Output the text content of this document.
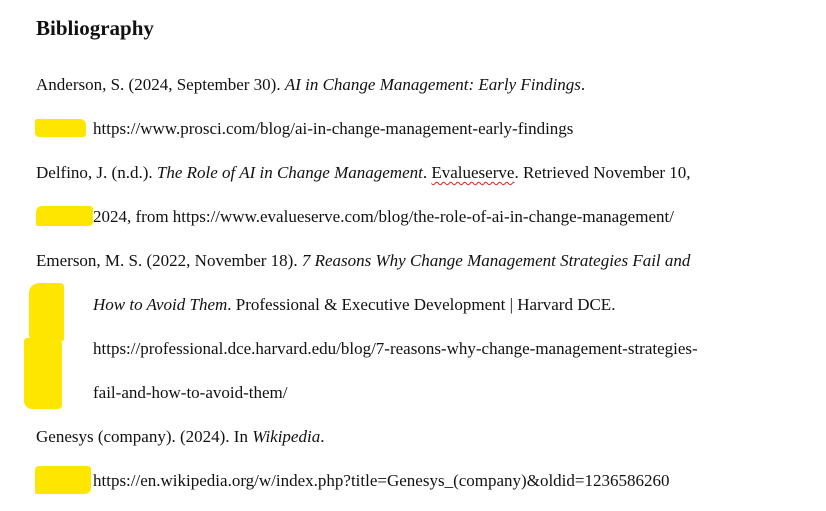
Bibliography
Anderson, S. (2024, September 30). AI in Change Management: Early Findings.
https://www.prosci.com/blog/ai-in-change-management-early-findings
Delfino, J. (n.d.). The Role of AI in Change Management. Evalueserve. Retrieved November 10,
2024, from https://www.evalueserve.com/blog/the-role-of-ai-in-change-management/
Emerson, M. S. (2022, November 18). 7 Reasons Why Change Management Strategies Fail and
How to Avoid Them. Professional & Executive Development | Harvard DCE.
https://professional.dce.harvard.edu/blog/7-reasons-why-change-management-strategies-
fail-and-how-to-avoid-them/
Genesys (company). (2024). In Wikipedia.
https://en.wikipedia.org/w/index.php?title=Genesys_(company)&oldid=1236586260
